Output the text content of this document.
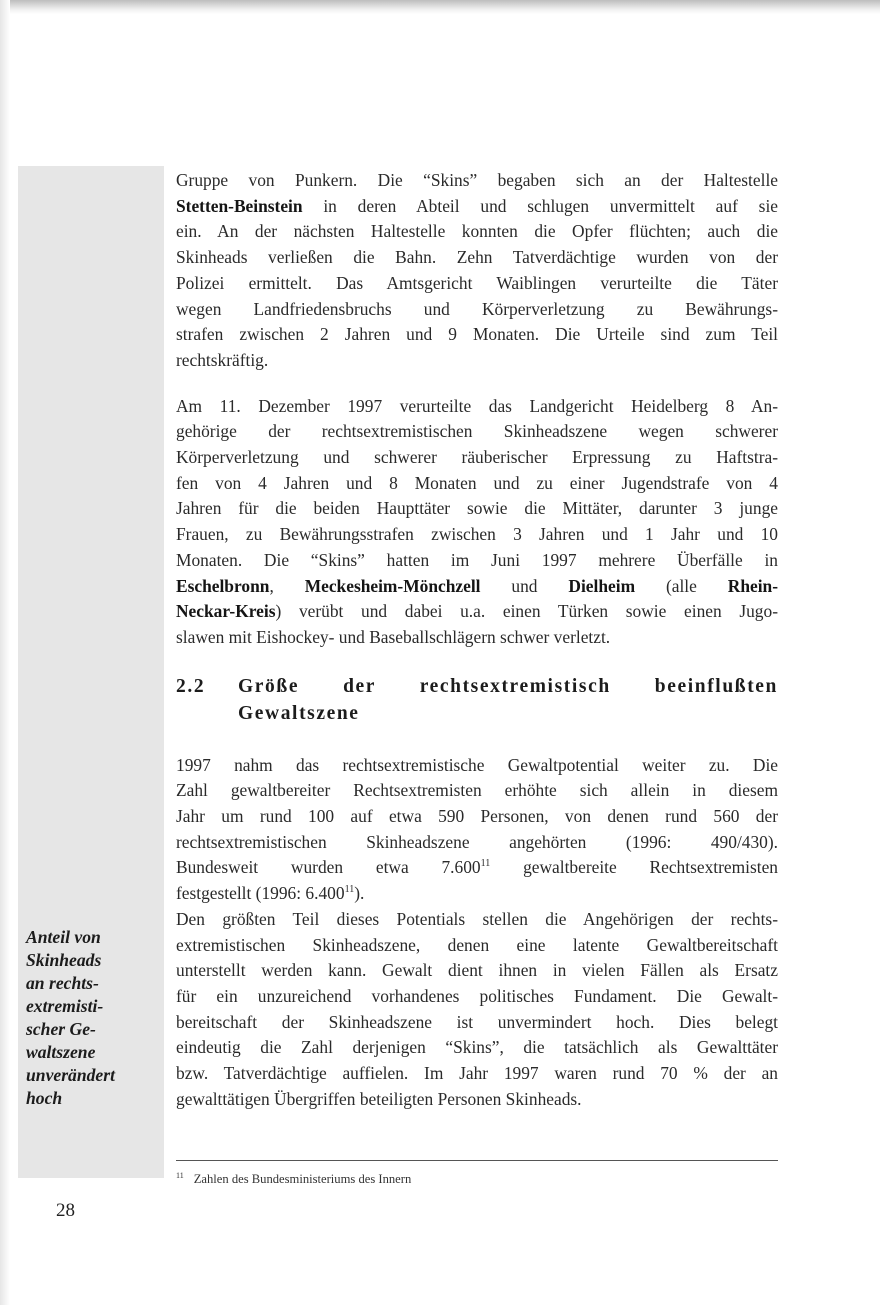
Anteil von
Skinheads
an rechts-
extremisti-
scher Ge-
waltszene
unverändert
hoch
Gruppe von Punkern. Die “Skins” begaben sich an der Haltestelle
Stetten-Beinstein in deren Abteil und schlugen unvermittelt auf sie
ein. An der nächsten Haltestelle konnten die Opfer flüchten; auch die
Skinheads verließen die Bahn. Zehn Tatverdächtige wurden von der
Polizei ermittelt. Das Amtsgericht Waiblingen verurteilte die Täter
wegen Landfriedensbruchs und Körperverletzung zu Bewährungs-
strafen zwischen 2 Jahren und 9 Monaten. Die Urteile sind zum Teil
rechtskräftig.
Am 11. Dezember 1997 verurteilte das Landgericht Heidelberg 8 An-
gehörige der rechtsextremistischen Skinheadszene wegen schwerer
Körperverletzung und schwerer räuberischer Erpressung zu Haftstra-
fen von 4 Jahren und 8 Monaten und zu einer Jugendstrafe von 4
Jahren für die beiden Haupttäter sowie die Mittäter, darunter 3 junge
Frauen, zu Bewährungsstrafen zwischen 3 Jahren und 1 Jahr und 10
Monaten. Die “Skins” hatten im Juni 1997 mehrere Überfälle in
Eschelbronn, Meckesheim-Mönchzell und Dielheim (alle Rhein-
Neckar-Kreis) verübt und dabei u.a. einen Türken sowie einen Jugo-
slawen mit Eishockey- und Baseballschlägern schwer verletzt.
2.2	Größe der rechtsextremistisch beeinflußten
Gewaltszene
1997 nahm das rechtsextremistische Gewaltpotential weiter zu. Die
Zahl gewaltbereiter Rechtsextremisten erhöhte sich allein in diesem
Jahr um rund 100 auf etwa 590 Personen, von denen rund 560 der
rechtsextremistischen Skinheadszene angehörten (1996: 490/430).
Bundesweit wurden etwa 7.600$^{11}$ gewaltbereite Rechtsextremisten
festgestellt (1996: 6.400$^{11}$).
Den größten Teil dieses Potentials stellen die Angehörigen der rechts-
extremistischen Skinheadszene, denen eine latente Gewaltbereitschaft
unterstellt werden kann. Gewalt dient ihnen in vielen Fällen als Ersatz
für ein unzureichend vorhandenes politisches Fundament. Die Gewalt-
bereitschaft der Skinheadszene ist unvermindert hoch. Dies belegt
eindeutig die Zahl derjenigen “Skins”, die tatsächlich als Gewalttäter
bzw. Tatverdächtige auffielen. Im Jahr 1997 waren rund 70 % der an
gewalttätigen Übergriffen beteiligten Personen Skinheads.
$^{11}$ Zahlen des Bundesministeriums des Innern
28
